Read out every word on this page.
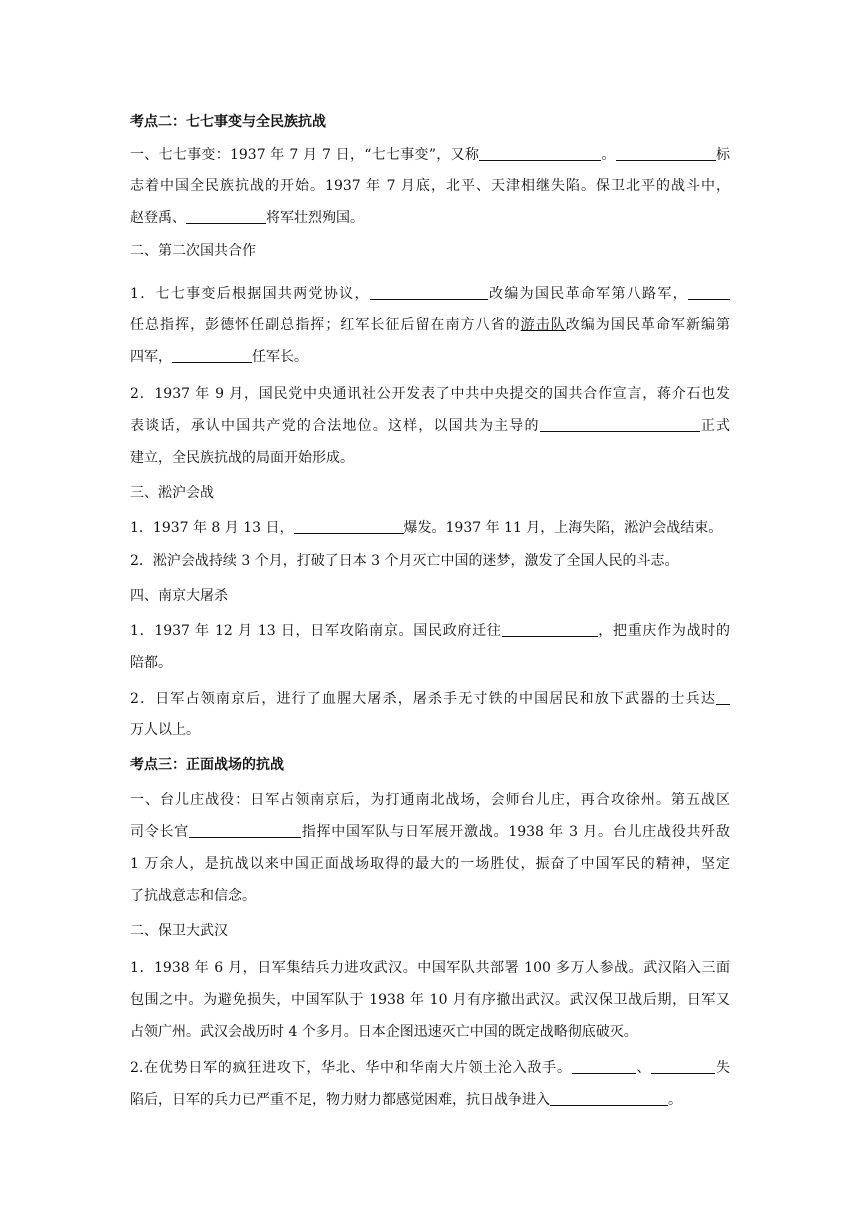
考点二：七七事变与全民族抗战

一、七七事变：1937 年 7 月 7 日，“七七事变”，又称	。	标

志着中国全民族抗战的开始。1937 年 7 月底，北平、天津相继失陷。保卫北平的战斗中，

赵登禹、	将军壮烈殉国。

二、第二次国共合作

1．七七事变后根据国共两党协议，	改编为国民革命军第八路军，

任总指挥，彭德怀任副总指挥；红军长征后留在南方八省的游击队改编为国民革命军新编第

四军，	任军长。

2．1937 年 9 月，国民党中央通讯社公开发表了中共中央提交的国共合作宣言，蒋介石也发

表谈话，承认中国共产党的合法地位。这样，以国共为主导的	正式

建立，全民族抗战的局面开始形成。

三、淞沪会战

1．1937 年 8 月 13 日，	爆发。1937 年 11 月，上海失陷，淞沪会战结束。

2．淞沪会战持续 3 个月，打破了日本 3 个月灭亡中国的迷梦，激发了全国人民的斗志。

四、南京大屠杀

1．1937 年 12 月 13 日，日军攻陷南京。国民政府迁往	，把重庆作为战时的

陪都。

2．日军占领南京后，进行了血腥大屠杀，屠杀手无寸铁的中国居民和放下武器的士兵达

万人以上。

考点三：正面战场的抗战

一、台儿庄战役：日军占领南京后，为打通南北战场，会师台儿庄，再合攻徐州。第五战区

司令长官	指挥中国军队与日军展开激战。1938 年 3 月。台儿庄战役共歼敌

1 万余人，是抗战以来中国正面战场取得的最大的一场胜仗，振奋了中国军民的精神，坚定

了抗战意志和信念。

二、保卫大武汉

1．1938 年 6 月，日军集结兵力进攻武汉。中国军队共部署 100 多万人参战。武汉陷入三面

包围之中。为避免损失，中国军队于 1938 年 10 月有序撤出武汉。武汉保卫战后期，日军又

占领广州。武汉会战历时 4 个多月。日本企图迅速灭亡中国的既定战略彻底破灭。

2.在优势日军的疯狂进攻下，华北、华中和华南大片领土沦入敌手。	、	失

陷后，日军的兵力已严重不足，物力财力都感觉困难，抗日战争进入	。
